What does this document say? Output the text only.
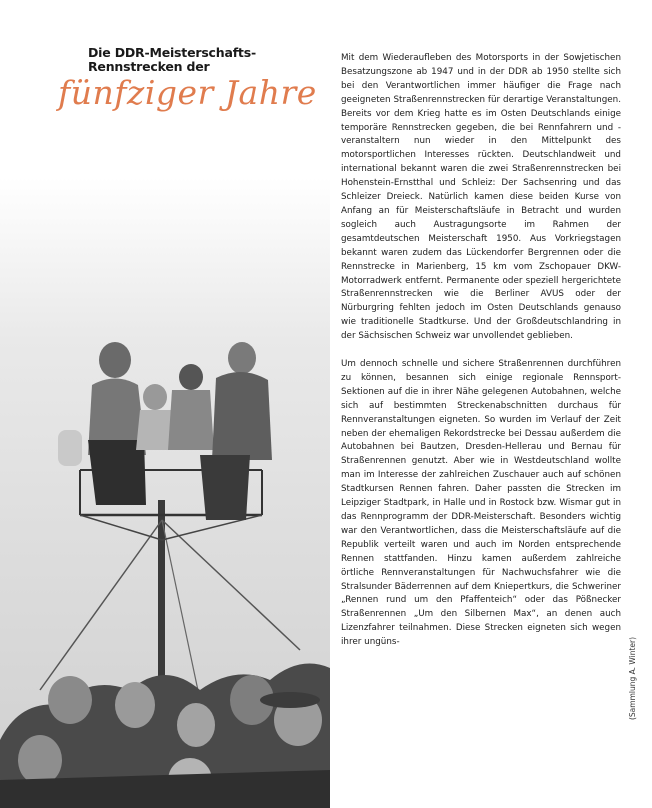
Die DDR-Meisterschafts-
Rennstrecken der
fünfziger Jahre

Mit dem Wiederaufleben des Motorsports in der Sowjetischen Besatzungszone ab 1947 und in der DDR ab 1950 stellte sich bei den Verantwortlichen immer häufiger die Frage nach geeigneten Straßenrennstrecken für derartige Veranstaltungen. Bereits vor dem Krieg hatte es im Osten Deutschlands einige temporäre Rennstrecken gegeben, die bei Rennfahrern und -veranstaltern nun wieder in den Mittelpunkt des motorsportlichen Interesses rückten. Deutschlandweit und international bekannt waren die zwei Straßenrennstrecken bei Hohenstein-Ernstthal und Schleiz: Der Sachsenring und das Schleizer Dreieck. Natürlich kamen diese beiden Kurse von Anfang an für Meisterschaftsläufe in Betracht und wurden sogleich auch Austragungsorte im Rahmen der gesamtdeutschen Meisterschaft 1950. Aus Vorkriegstagen bekannt waren zudem das Lückendorfer Bergrennen oder die Rennstrecke in Marienberg, 15 km vom Zschopauer DKW-Motorradwerk entfernt. Permanente oder speziell hergerichtete Straßenrennstrecken wie die Berliner AVUS oder der Nürburgring fehlten jedoch im Osten Deutschlands genauso wie traditionelle Stadtkurse. Und der Großdeutschlandring in der Sächsischen Schweiz war unvollendet geblieben.

Um dennoch schnelle und sichere Straßenrennen durchführen zu können, besannen sich einige regionale Rennsport-Sektionen auf die in ihrer Nähe gelegenen Autobahnen, welche sich auf bestimmten Streckenabschnitten durchaus für Rennveranstaltungen eigneten. So wurden im Verlauf der Zeit neben der ehemaligen Rekordstrecke bei Dessau außerdem die Autobahnen bei Bautzen, Dresden-Hellerau und Bernau für Straßenrennen genutzt. Aber wie in Westdeutschland wollte man im Interesse der zahlreichen Zuschauer auch auf schönen Stadtkursen Rennen fahren. Daher passten die Strecken im Leipziger Stadtpark, in Halle und in Rostock bzw. Wismar gut in das Rennprogramm der DDR-Meisterschaft. Besonders wichtig war den Verantwortlichen, dass die Meisterschaftsläufe auf die Republik verteilt waren und auch im Norden entsprechende Rennen stattfanden. Hinzu kamen außerdem zahlreiche örtliche Rennveranstaltungen für Nachwuchsfahrer wie die Stralsunder Bäderrennen auf dem Kniepertkurs, die Schweriner „Rennen rund um den Pfaffenteich“ oder das Pößnecker Straßenrennen „Um den Silbernen Max“, an denen auch Lizenzfahrer teilnahmen. Diese Strecken eigneten sich wegen ihrer ungüns-	(Sammlung A. Winter)
